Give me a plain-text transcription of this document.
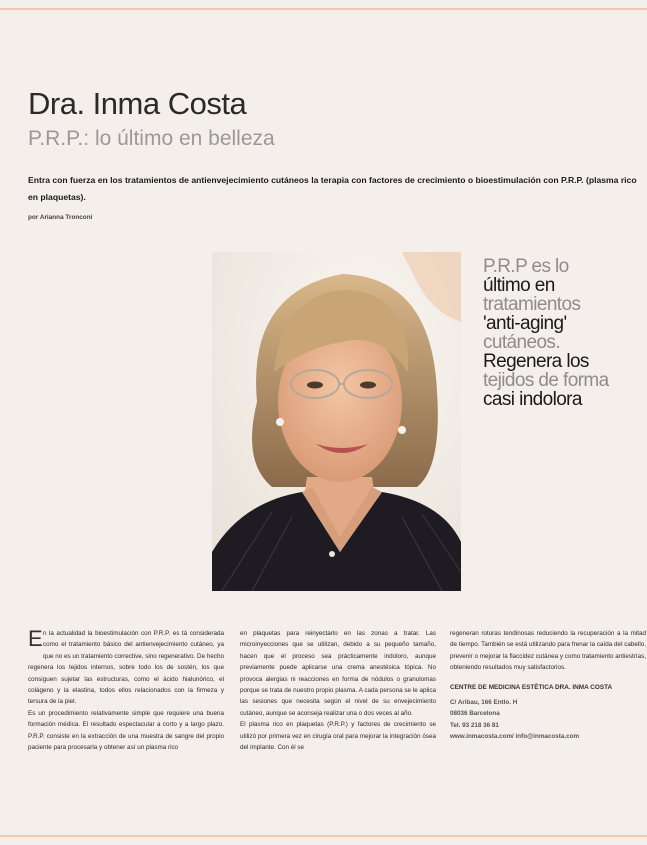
Dra. Inma Costa
P.R.P.: lo último en belleza

Entra con fuerza en los tratamientos de antienvejecimiento cutáneos la terapia con factores de crecimiento o bioestimulación con P.R.P. (plasma rico en plaquetas).

por Arianna Tronconi

P.R.P es lo
último en
tratamientos
'anti-aging'
cutáneos.
Regenera los
tejidos de forma
casi indolora

En la actualidad la bioestimulación con P.R.P. es tá considerada como el tratamiento básico del antienvejecimiento cutáneo, ya que no es un tratamiento corrective, sino regenerativo. De hecho regenera los tejidos internos, sobre todo los de sostén, los que consiguen sujetar las estructuras, como el ácido hialunórico, el colágeno y la elastina, todos ellos relacionados con la firmeza y tersura de la piel.

Es un procedimiento relativamente simple que requiere una buena formación médica. El resultado espectacular a corto y a largo plazo. P.R.P. consiste en la extracción de una muestra de sangre del propio paciente para procesarla y obtener así un plasma rico

en plaquetas para reinyectarlo en las zonas a tratar. Las microinyecciones que se utilizan, debido a su pequeño tamaño, hacen que el proceso sea prácticamente indoloro, aunque previamente puede aplicarse una crema anestésica tópica. No provoca alergias ni reacciones en forma de nódulos o granulomas porque se trata de nuestro propio plasma. A cada persona se le aplica las sesiones que necesita según el nivel de su envejecimiento cutáneo, aunque se aconseja realizar una o dos veces al año.

El plasma rico en plaquetas (P.R.P.) y factores de crecimiento se utilizó por primera vez en cirugía oral para mejorar la integración ósea del implante. Con él se

regeneran roturas tendinosas reduciendo la recuperación a la mitad de tiempo. También se está utilizando para frenar la caída del cabello, prevenir o mejorar la flaccidez cutánea y como tratamiento antiestrías, obteniendo resultados muy satisfactorios.

CENTRE DE MEDICINA ESTÈTICA DRA. INMA COSTA
C/ Aribau, 166 Entlo. H
08036 Barcelona
Tel. 93 218 36 81
www.inmacosta.com/ info@inmacosta.com
